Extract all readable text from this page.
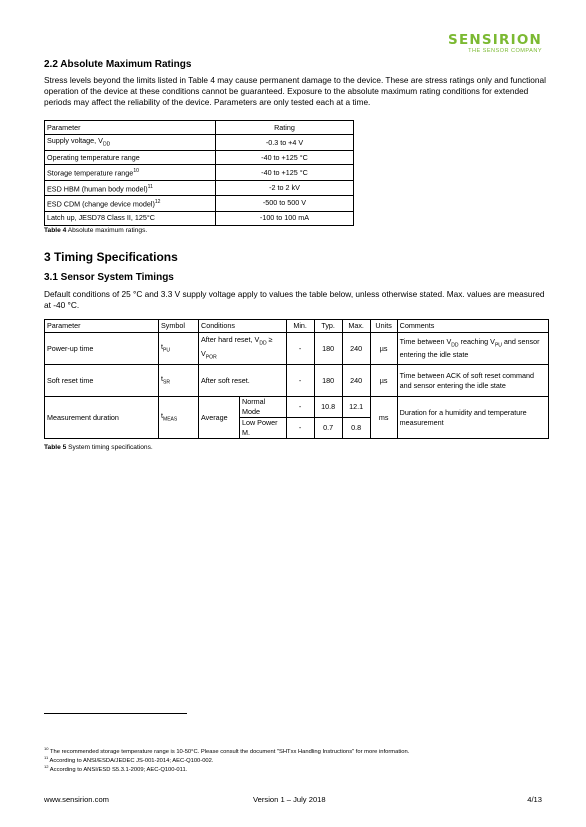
SENSIRION
THE SENSOR COMPANY
2.2 Absolute Maximum Ratings
Stress levels beyond the limits listed in Table 4 may cause permanent damage to the device. These are stress ratings only and functional operation of the device at these conditions cannot be guaranteed. Exposure to the absolute maximum rating conditions for extended periods may affect the reliability of the device. Parameters are only tested each at a time.
Parameter	Rating
Supply voltage, $V_{DD}$	-0.3 to +4 V
Operating temperature range	-40 to +125 °C
Storage temperature range$^{10}$	-40 to +125 °C
ESD HBM (human body model)$^{11}$	-2 to 2 kV
ESD CDM (change device model)$^{12}$	-500 to 500 V
Latch up, JESD78 Class II, 125°C	-100 to 100 mA
Table 4 Absolute maximum ratings.
3 Timing Specifications
3.1 Sensor System Timings
Default conditions of 25 °C and 3.3 V supply voltage apply to values the table below, unless otherwise stated. Max. values are measured at -40 °C.
Parameter	Symbol	Conditions		Min.	Typ.	Max.	Units	Comments
Power-up time	$t_{PU}$	After hard reset, $V_{DD} \ge V_{POR}$		-	180	240	µs	Time between $V_{DD}$ reaching $V_{PU}$ and sensor entering the idle state
Soft reset time	$t_{SR}$	After soft reset.		-	180	240	µs	Time between ACK of soft reset command and sensor entering the idle state
Measurement duration	$t_{MEAS}$	Average	Normal Mode	-	10.8	12.1	ms	Duration for a humidity and temperature measurement
			Low Power M.	-	0.7	0.8		
Table 5 System timing specifications.
$^{10}$ The recommended storage temperature range is 10-50°C. Please consult the document "SHTxx Handling Instructions" for more information.
$^{11}$ According to ANSI/ESDA/JEDEC JS-001-2014; AEC-Q100-002.
$^{12}$ According to ANSI/ESD S5.3.1-2009; AEC-Q100-011.
www.sensirion.com	Version 1 – July 2018	4/13
